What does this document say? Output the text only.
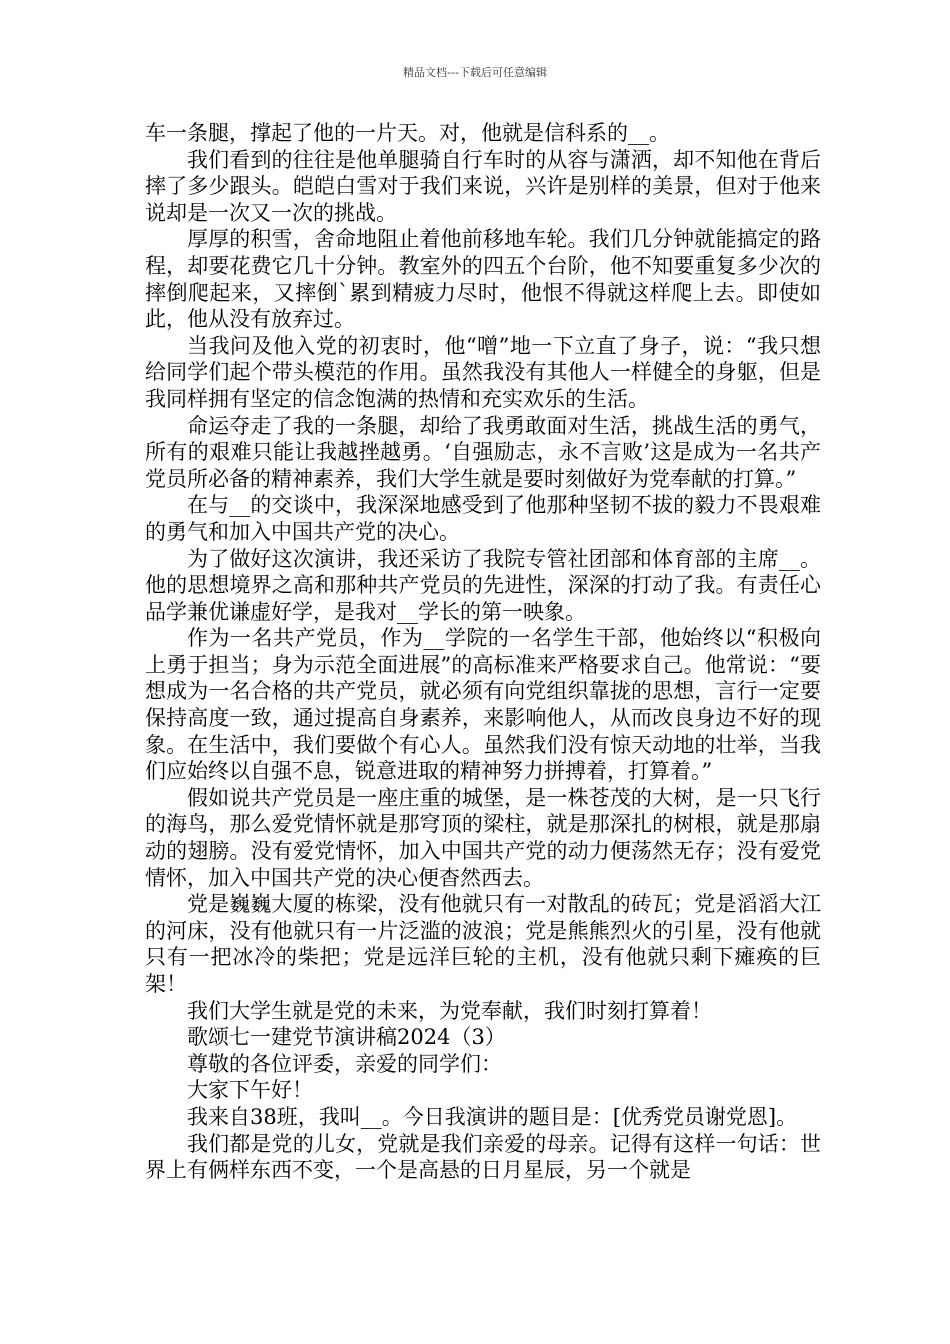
精品文档---下载后可任意编辑

车一条腿，撑起了他的一片天。对，他就是信科系的__。

我们看到的往往是他单腿骑自行车时的从容与潇洒，却不知他在背后摔了多少跟头。皑皑白雪对于我们来说，兴许是别样的美景，但对于他来说却是一次又一次的挑战。

厚厚的积雪，舍命地阻止着他前移地车轮。我们几分钟就能搞定的路程，却要花费它几十分钟。教室外的四五个台阶，他不知要重复多少次的摔倒爬起来，又摔倒`累到精疲力尽时，他恨不得就这样爬上去。即使如此，他从没有放弃过。

当我问及他入党的初衷时，他“噌”地一下立直了身子，说：“我只想给同学们起个带头模范的作用。虽然我没有其他人一样健全的身躯，但是我同样拥有坚定的信念饱满的热情和充实欢乐的生活。

命运夺走了我的一条腿，却给了我勇敢面对生活，挑战生活的勇气，所有的艰难只能让我越挫越勇。‘自强励志，永不言败’这是成为一名共产党员所必备的精神素养，我们大学生就是要时刻做好为党奉献的打算。”

在与__的交谈中，我深深地感受到了他那种坚韧不拔的毅力不畏艰难的勇气和加入中国共产党的决心。

为了做好这次演讲，我还采访了我院专管社团部和体育部的主席__。他的思想境界之高和那种共产党员的先进性，深深的打动了我。有责任心品学兼优谦虚好学，是我对__学长的第一映象。

作为一名共产党员，作为__学院的一名学生干部，他始终以“积极向上勇于担当；身为示范全面进展”的高标准来严格要求自己。他常说：“要想成为一名合格的共产党员，就必须有向党组织靠拢的思想，言行一定要保持高度一致，通过提高自身素养，来影响他人，从而改良身边不好的现象。在生活中，我们要做个有心人。虽然我们没有惊天动地的壮举，当我们应始终以自强不息，锐意进取的精神努力拼搏着，打算着。”

假如说共产党员是一座庄重的城堡，是一株苍茂的大树，是一只飞行的海鸟，那么爱党情怀就是那穹顶的梁柱，就是那深扎的树根，就是那扇动的翅膀。没有爱党情怀，加入中国共产党的动力便荡然无存；没有爱党情怀，加入中国共产党的决心便杳然西去。

党是巍巍大厦的栋梁，没有他就只有一对散乱的砖瓦；党是滔滔大江的河床，没有他就只有一片泛滥的波浪；党是熊熊烈火的引星，没有他就只有一把冰冷的柴把；党是远洋巨轮的主机，没有他就只剩下瘫痪的巨架！

我们大学生就是党的未来，为党奉献，我们时刻打算着！

歌颂七一建党节演讲稿2024（3）

尊敬的各位评委，亲爱的同学们：

大家下午好！

我来自38班，我叫__。今日我演讲的题目是：[优秀党员谢党恩]。

我们都是党的儿女，党就是我们亲爱的母亲。记得有这样一句话：世界上有俩样东西不变，一个是高悬的日月星辰，另一个就是
